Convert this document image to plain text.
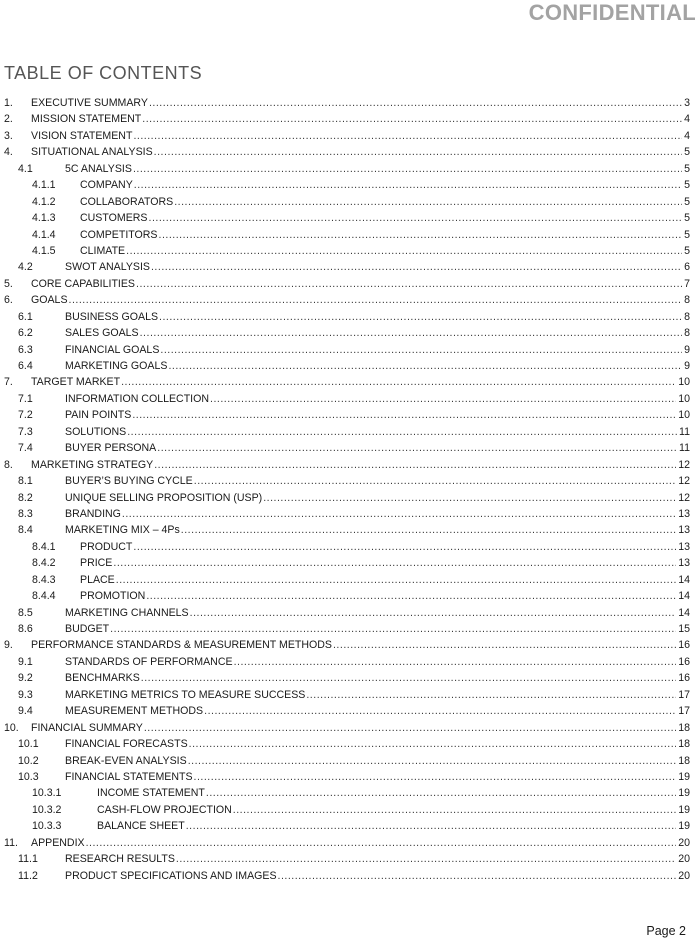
CONFIDENTIAL
TABLE OF CONTENTS
1. EXECUTIVE SUMMARY .....	3
2. MISSION STATEMENT .....	4
3. VISION STATEMENT .....	4
4. SITUATIONAL ANALYSIS .....	5
4.1	5C ANALYSIS .....	5
4.1.1 COMPANY .....	5
4.1.2 COLLABORATORS .....	5
4.1.3 CUSTOMERS .....	5
4.1.4 COMPETITORS .....	5
4.1.5 CLIMATE .....	5
4.2	SWOT ANALYSIS .....	6
5. CORE CAPABILITIES .....	7
6. GOALS .....	8
6.1	BUSINESS GOALS .....	8
6.2	SALES GOALS .....	8
6.3	FINANCIAL GOALS .....	9
6.4	MARKETING GOALS .....	9
7. TARGET MARKET .....	10
7.1	INFORMATION COLLECTION .....	10
7.2	PAIN POINTS .....	10
7.3	SOLUTIONS .....	11
7.4	BUYER PERSONA .....	11
8. MARKETING STRATEGY .....	12
8.1	BUYER’S BUYING CYCLE .....	12
8.2	UNIQUE SELLING PROPOSITION (USP) .....	12
8.3	BRANDING .....	13
8.4	MARKETING MIX – 4Ps .....	13
8.4.1 PRODUCT .....	13
8.4.2 PRICE .....	13
8.4.3 PLACE .....	14
8.4.4 PROMOTION .....	14
8.5	MARKETING CHANNELS .....	14
8.6	BUDGET .....	15
9. PERFORMANCE STANDARDS & MEASUREMENT METHODS .....	16
9.1	STANDARDS OF PERFORMANCE .....	16
9.2	BENCHMARKS .....	16
9.3	MARKETING METRICS TO MEASURE SUCCESS .....	17
9.4	MEASUREMENT METHODS .....	17
10. FINANCIAL SUMMARY .....	18
10.1 FINANCIAL FORECASTS .....	18
10.2 BREAK-EVEN ANALYSIS .....	18
10.3 FINANCIAL STATEMENTS .....	19
10.3.1	INCOME STATEMENT .....	19
10.3.2	CASH-FLOW PROJECTION .....	19
10.3.3	BALANCE SHEET .....	19
11. APPENDIX .....	20
11.1	RESEARCH RESULTS .....	20
11.2	PRODUCT SPECIFICATIONS AND IMAGES .....	20
Page 2
